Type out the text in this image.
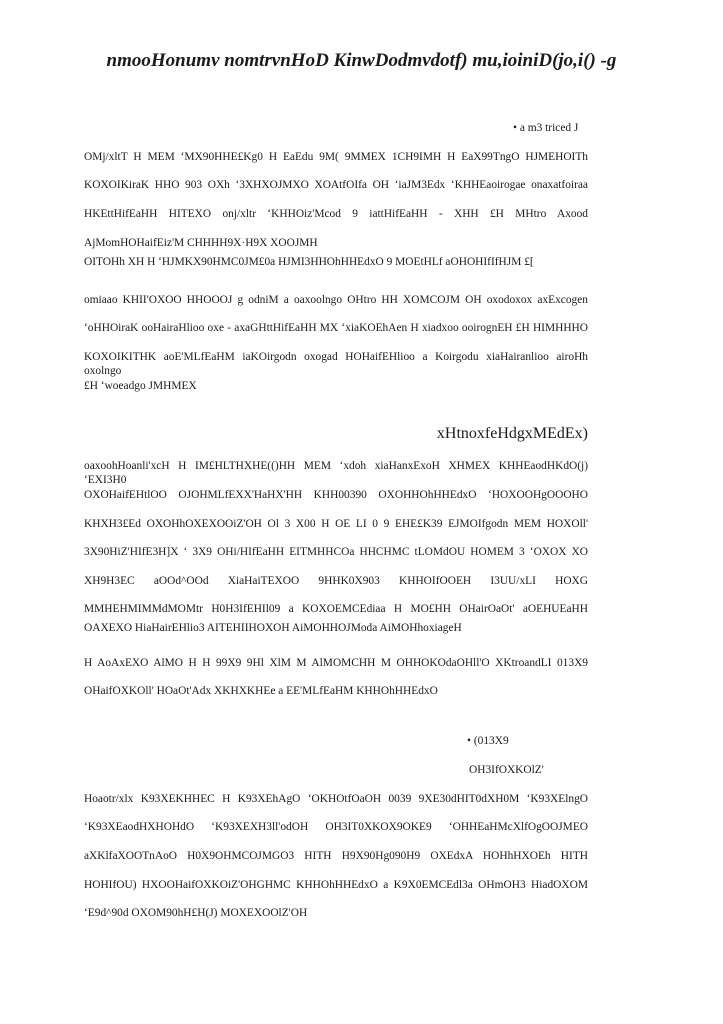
nmooHonumv nomtrvnHoD KinwDodmvdotf) mu,ioiniD(jo,i() -g
• a m3 triced J
OMj/xltT H MEM ‘MX90HHE£Kg0 H EaEdu 9M( 9MMEX 1CH9IMH H EaX99TngO HJMEHOITh
KOXOIKiraK HHO 903 OXh ‘3XHXOJMXO XOAtfOIfa OH ‘iaJM3Edx ‘KHHEaoirogae onaxatfoiraa
HKEttHifEaHH HITEXO onj/xltr ‘KHHOiz'Mcod 9 iattHifEaHH - XHH £H MHtro Axood
AjMomHOHaifEiz'M CHHHH9X·H9X XOOJMH
OITOHh XH H ‘HJMKX90HMC0JM£0a HJMI3HHOhHHEdxO 9 MOEtHLf aOHOHIfIfHJM £[
omiaao KHII'OXOO HHOOOJ g odniM a oaxoolngo OHtro HH XOMCOJM OH oxodoxox axExcogen
‘oHHOiraK ooHairaHlioo oxe - axaGHttHifEaHH MX ‘xiaKOEhAen H xiadxoo ooirognEH £H HIMHHHO
KOXOIKITHK aoE'MLfEaHM iaKOirgodn oxogad HOHaifEHlioo a Koirgodu xiaHairanlioo airoHh oxolngo
£H ‘woeadgo JMHMEX
xHtnoxfeHdgxMEdEx)
oaxoohHoanli'xcH H IM£HLTHXHE(()HH MEM ‘xdoh xiaHanxExoH XHMEX KHHEaodHKdO(j) ‘EXI3H0
OXOHaifEHtlOO OJOHMLfEXX'HaHX'HH KHH00390 OXOHHOhHHEdxO ‘HOXOOHgOOOHO
KHXH3£Ed OXOHhOXEXOOiZ'OH Ol 3 X00 H OE LI 0 9 EHE£K39 EJMOIfgodn MEM HOXOll'
3X90HiZ'HIfE3H]X ‘ 3X9 OHi/HIfEaHH EITMHHCOa HHCHMC tLOMdOU HOMEM 3 ‘OXOX XO
XH9H3EC aOOd^OOd XiaHaiTEXOO 9HHK0X903 KHHOIfOOEH I3UU/xLI HOXG
MMHEHMIMMdMOMtr H0H3IfEHIl09 a KOXOEMCEdiaa H MO£HH OHairOaOt' aOEHUEaHH
OAXEXO HiaHairEHlio3 AITEHIIHOXOH AiMOHHOJModa AiMOHhoxiageH
H AoAxEXO AlMO H H 99X9 9Hl XlM M AlMOMCHH M OHHOKOdaOHll'O XKtroandLI 013X9
OHaifOXKOll' HOaOt'Adx XKHXKHEe a EE'MLfEaHM KHHOhHHEdxO
• (013X9
OH3IfOXKOlZ'
Hoaotr/xlx K93XEKHHEC H K93XEhAgO ‘OKHOtfOaOH 0039 9XE30dHIT0dXH0M ‘K93XElngO
‘K93XEaodHXHOHdO ‘K93XEXH3ll'odOH OH3IT0XKOX9OKE9 ‘OHHEaHMcXlfOgOOJMEO
aXKlfaXOOTnAoO H0X9OHMCOJMGO3 HITH H9X90Hg090H9 OXEdxA HOHhHXOEh HITH
HOHIfOU) HXOOHaifOXKOiZ'OHGHMC KHHOhHHEdxO a K9X0EMCEdl3a OHmOH3 HiadOXOM
‘E9d^90d OXOM90hH£H(J) MOXEXOOlZ'OH
